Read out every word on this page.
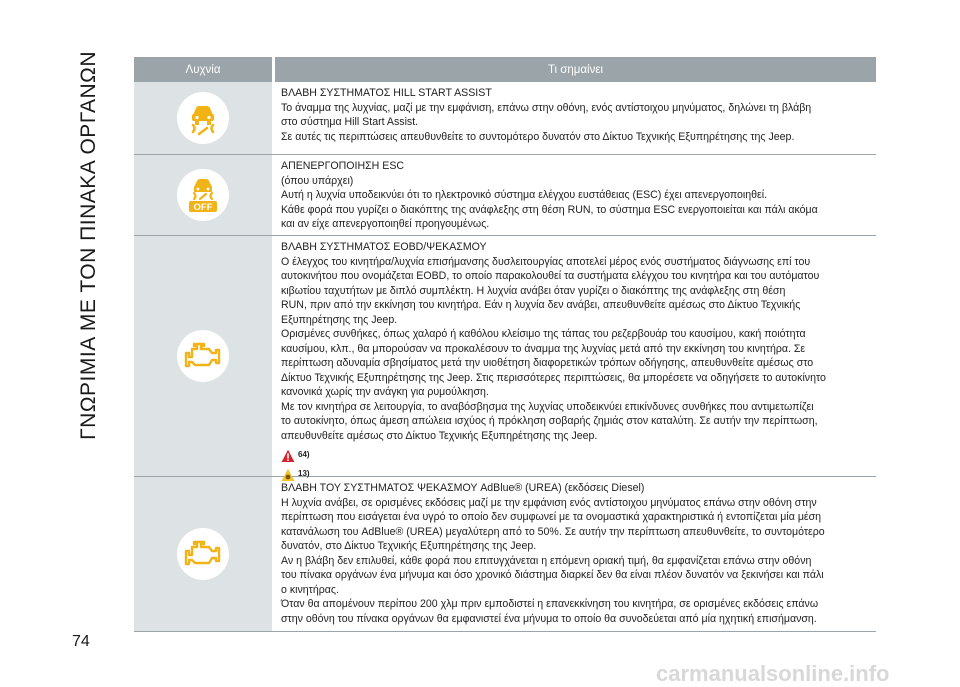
ΓΝΩΡΙΜΙΑ ΜΕ ΤΟΝ ΠΙΝΑΚΑ ΟΡΓΑΝΩΝ	Λυχνία	Τι σημαίνει

ΒΛΑΒΗ ΣΥΣΤΗΜΑΤΟΣ HILL START ASSIST

Το άναμμα της λυχνίας, μαζί με την εμφάνιση, επάνω στην οθόνη, ενός αντίστοιχου μηνύματος, δηλώνει τη βλάβη

στο σύστημα Hill Start Assist.

Σε αυτές τις περιπτώσεις απευθυνθείτε το συντομότερο δυνατόν στο Δίκτυο Τεχνικής Εξυπηρέτησης της Jeep.

OFF

ΑΠΕΝΕΡΓΟΠΟΙΗΣΗ ESC

(όπου υπάρχει)

Αυτή η λυχνία υποδεικνύει ότι το ηλεκτρονικό σύστημα ελέγχου ευστάθειας (ESC) έχει απενεργοποιηθεί.

Κάθε φορά που γυρίζει ο διακόπτης της ανάφλεξης στη θέση RUN, το σύστημα ESC ενεργοποιείται και πάλι ακόμα

και αν είχε απενεργοποιηθεί προηγουμένως.

ΒΛΑΒΗ ΣΥΣΤΗΜΑΤΟΣ EOBD/ΨΕΚΑΣΜΟΥ

Ο έλεγχος του κινητήρα/λυχνία επισήμανσης δυσλειτουργίας αποτελεί μέρος ενός συστήματος διάγνωσης επί του

αυτοκινήτου που ονομάζεται EOBD, το οποίο παρακολουθεί τα συστήματα ελέγχου του κινητήρα και του αυτόματου

κιβωτίου ταχυτήτων με διπλό συμπλέκτη. Η λυχνία ανάβει όταν γυρίζει ο διακόπτης της ανάφλεξης στη θέση

RUN, πριν από την εκκίνηση του κινητήρα. Εάν η λυχνία δεν ανάβει, απευθυνθείτε αμέσως στο Δίκτυο Τεχνικής

Εξυπηρέτησης της Jeep.

Ορισμένες συνθήκες, όπως χαλαρό ή καθόλου κλείσιμο της τάπας του ρεζερβουάρ του καυσίμου, κακή ποιότητα

καυσίμου, κλπ., θα μπορούσαν να προκαλέσουν το άναμμα της λυχνίας μετά από την εκκίνηση του κινητήρα. Σε

περίπτωση αδυναμία σβησίματος μετά την υιοθέτηση διαφορετικών τρόπων οδήγησης, απευθυνθείτε αμέσως στο

Δίκτυο Τεχνικής Εξυπηρέτησης της Jeep. Στις περισσότερες περιπτώσεις, θα μπορέσετε να οδηγήσετε το αυτοκίνητο

κανονικά χωρίς την ανάγκη για ρυμούλκηση.

Με τον κινητήρα σε λειτουργία, το αναβόσβησμα της λυχνίας υποδεικνύει επικίνδυνες συνθήκες που αντιμετωπίζει

το αυτοκίνητο, όπως άμεση απώλεια ισχύος ή πρόκληση σοβαρής ζημιάς στον καταλύτη. Σε αυτήν την περίπτωση,

απευθυνθείτε αμέσως στο Δίκτυο Τεχνικής Εξυπηρέτησης της Jeep.

64)
13)

ΒΛΑΒΗ ΤΟΥ ΣΥΣΤΗΜΑΤΟΣ ΨΕΚΑΣΜΟΥ AdBlue® (UREA) (εκδόσεις Diesel)

Η λυχνία ανάβει, σε ορισμένες εκδόσεις μαζί με την εμφάνιση ενός αντίστοιχου μηνύματος επάνω στην οθόνη στην

περίπτωση που εισάγεται ένα υγρό το οποίο δεν συμφωνεί με τα ονομαστικά χαρακτηριστικά ή εντοπίζεται μία μέση

κατανάλωση του AdBlue® (UREA) μεγαλύτερη από το 50%. Σε αυτήν την περίπτωση απευθυνθείτε, το συντομότερο

δυνατόν, στο Δίκτυο Τεχνικής Εξυπηρέτησης της Jeep.

Αν η βλάβη δεν επιλυθεί, κάθε φορά που επιτυγχάνεται η επόμενη οριακή τιμή, θα εμφανίζεται επάνω στην οθόνη

του πίνακα οργάνων ένα μήνυμα και όσο χρονικό διάστημα διαρκεί δεν θα είναι πλέον δυνατόν να ξεκινήσει και πάλι

ο κινητήρας.

Όταν θα απομένουν περίπου 200 χλμ πριν εμποδιστεί η επανεκκίνηση του κινητήρα, σε ορισμένες εκδόσεις επάνω

στην οθόνη του πίνακα οργάνων θα εμφανιστεί ένα μήνυμα το οποίο θα συνοδεύεται από μία ηχητική επισήμανση.

74
carmanualsonline.info
